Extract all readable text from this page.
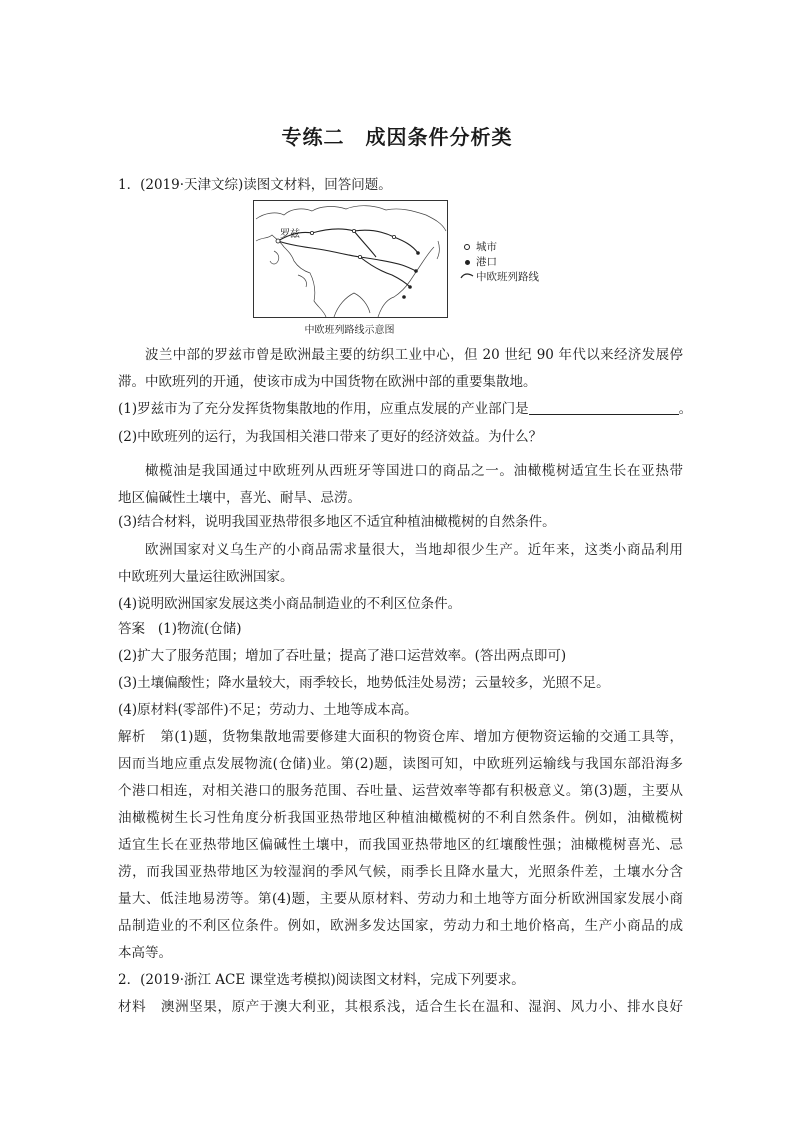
专练二　成因条件分析类
1．(2019·天津文综)读图文材料，回答问题。
罗兹
城市
港口
中欧班列路线
中欧班列路线示意图
波兰中部的罗兹市曾是欧洲最主要的纺织工业中心，但 20 世纪 90 年代以来经济发展停
滞。中欧班列的开通，使该市成为中国货物在欧洲中部的重要集散地。
(1)罗兹市为了充分发挥货物集散地的作用，应重点发展的产业部门是	。
(2)中欧班列的运行，为我国相关港口带来了更好的经济效益。为什么？
橄榄油是我国通过中欧班列从西班牙等国进口的商品之一。油橄榄树适宜生长在亚热带
地区偏碱性土壤中，喜光、耐旱、忌涝。
(3)结合材料，说明我国亚热带很多地区不适宜种植油橄榄树的自然条件。
欧洲国家对义乌生产的小商品需求量很大，当地却很少生产。近年来，这类小商品利用
中欧班列大量运往欧洲国家。
(4)说明欧洲国家发展这类小商品制造业的不利区位条件。
答案 (1)物流(仓储)
(2)扩大了服务范围；增加了吞吐量；提高了港口运营效率。(答出两点即可)
(3)土壤偏酸性；降水量较大，雨季较长，地势低洼处易涝；云量较多，光照不足。
(4)原材料(零部件)不足；劳动力、土地等成本高。
解析 第(1)题，货物集散地需要修建大面积的物资仓库、增加方便物资运输的交通工具等，
因而当地应重点发展物流(仓储)业。第(2)题，读图可知，中欧班列运输线与我国东部沿海多
个港口相连，对相关港口的服务范围、吞吐量、运营效率等都有积极意义。第(3)题，主要从
油橄榄树生长习性角度分析我国亚热带地区种植油橄榄树的不利自然条件。例如，油橄榄树
适宜生长在亚热带地区偏碱性土壤中，而我国亚热带地区的红壤酸性强；油橄榄树喜光、忌
涝，而我国亚热带地区为较湿润的季风气候，雨季长且降水量大，光照条件差，土壤水分含
量大、低洼地易涝等。第(4)题，主要从原材料、劳动力和土地等方面分析欧洲国家发展小商
品制造业的不利区位条件。例如，欧洲多发达国家，劳动力和土地价格高，生产小商品的成
本高等。
2．(2019·浙江 ACE 课堂选考模拟)阅读图文材料，完成下列要求。
材料 澳洲坚果，原产于澳大利亚，其根系浅，适合生长在温和、湿润、风力小、排水良好
